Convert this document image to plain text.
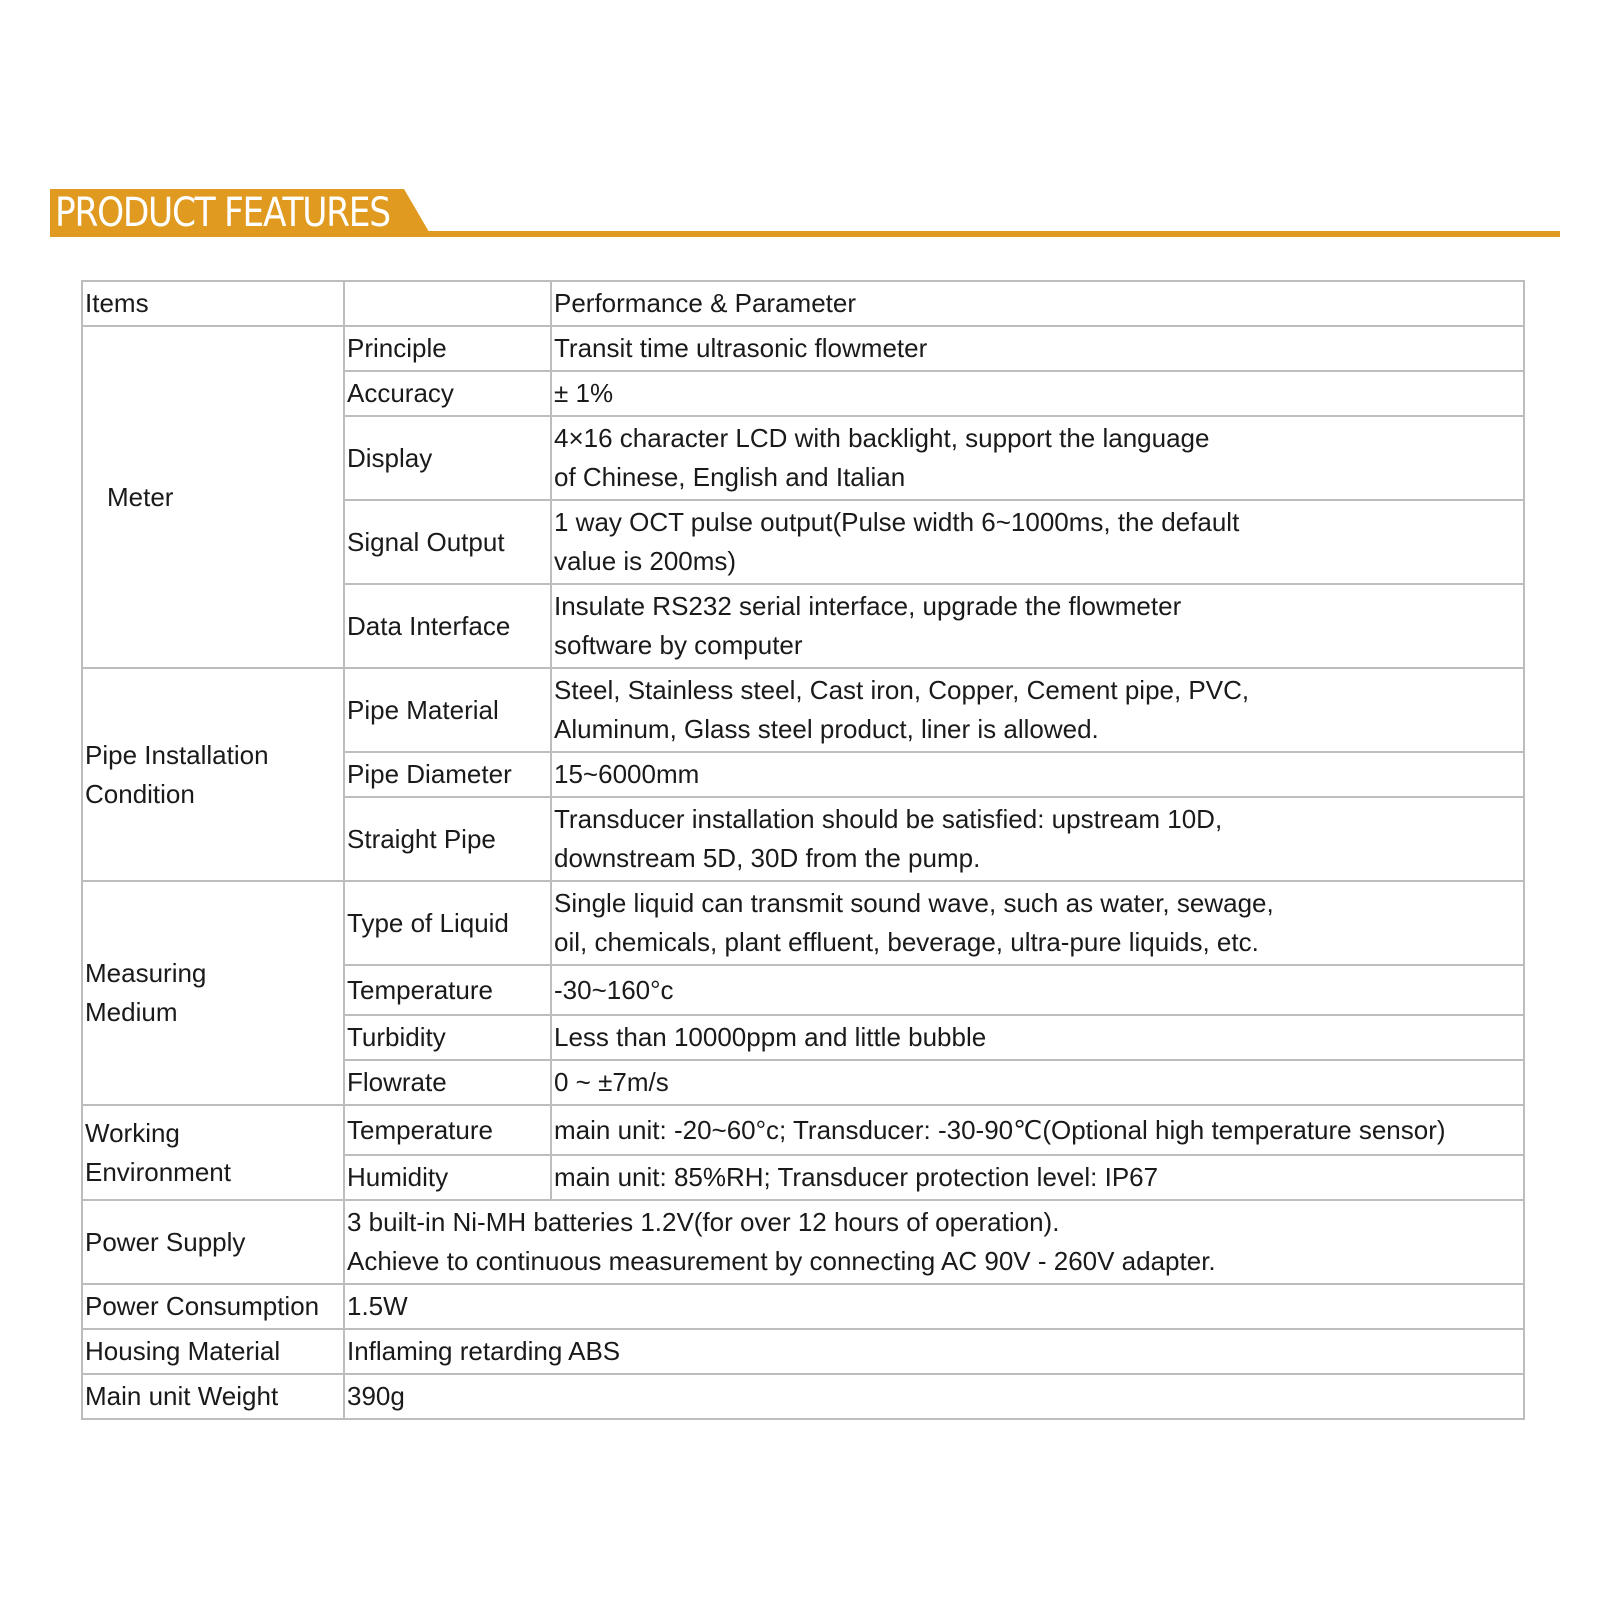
PRODUCT FEATURES
Items		Performance & Parameter
Meter	Principle	Transit time ultrasonic flowmeter
	Accuracy	± 1%
	Display	4×16 character LCD with backlight, support the language
of Chinese, English and Italian

	Signal Output	1 way OCT pulse output(Pulse width 6~1000ms, the default
value is 200ms)

	Data Interface	Insulate RS232 serial interface, upgrade the flowmeter
software by computer

Pipe Installation
Condition	Pipe Material	Steel, Stainless steel, Cast iron, Copper, Cement pipe, PVC,
Aluminum, Glass steel product, liner is allowed.

	Pipe Diameter	15~6000mm
	Straight Pipe	Transducer installation should be satisfied: upstream 10D,
downstream 5D, 30D from the pump.

Measuring
Medium	Type of Liquid	Single liquid can transmit sound wave, such as water, sewage,
oil, chemicals, plant effluent, beverage, ultra-pure liquids, etc.

	Temperature	-30~160°c
	Turbidity	Less than 10000ppm and little bubble
	Flowrate	0 ~ ±7m/s

Working
Environment	Temperature	main unit: -20~60°c; Transducer: -30-90℃(Optional high temperature sensor)
	Humidity	main unit: 85%RH; Transducer protection level: IP67
Power Supply	3 built-in Ni-MH batteries 1.2V(for over 12 hours of operation).
Achieve to continuous measurement by connecting AC 90V - 260V adapter.	

Power Consumption	1.5W	
Housing Material	Inflaming retarding ABS	
Main unit Weight	390g	
